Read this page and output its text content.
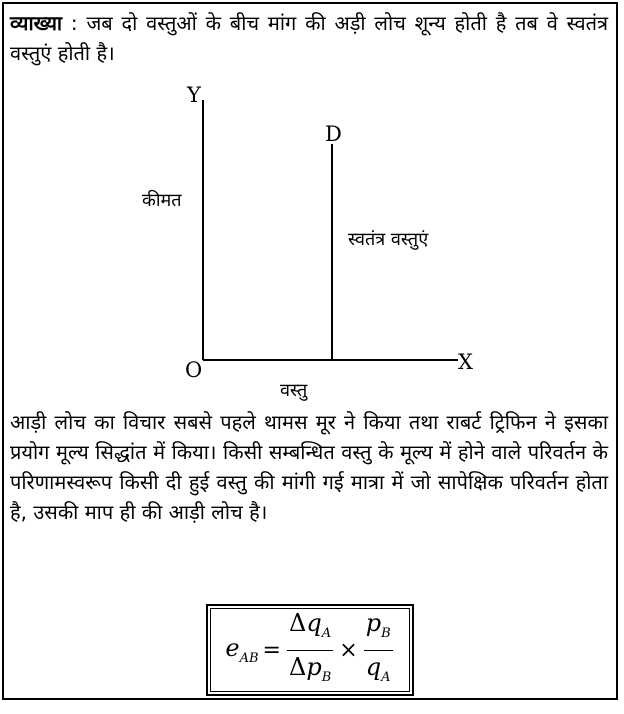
व्याख्या : जब दो वस्तुओं के बीच मांग की अड़ी लोच शून्य होती है तब वे स्वतंत्र वस्तुएं होती है।
Y
X
O
D
कीमत
वस्तु
स्वतंत्र वस्तुएं
आड़ी लोच का विचार सबसे पहले थामस मूर ने किया तथा राबर्ट ट्रिफिन ने इसका प्रयोग मूल्य सिद्धांत में किया। किसी सम्बन्धित वस्तु के मूल्य में होने वाले परिवर्तन के परिणामस्वरूप किसी दी हुई वस्तु की मांगी गई मात्रा में जो सापेक्षिक परिवर्तन होता है, उसकी माप ही की आड़ी लोच है।
$e_{AB} = \frac{\Delta q_A}{\Delta p_B} \times \frac{p_B}{q_A}$
